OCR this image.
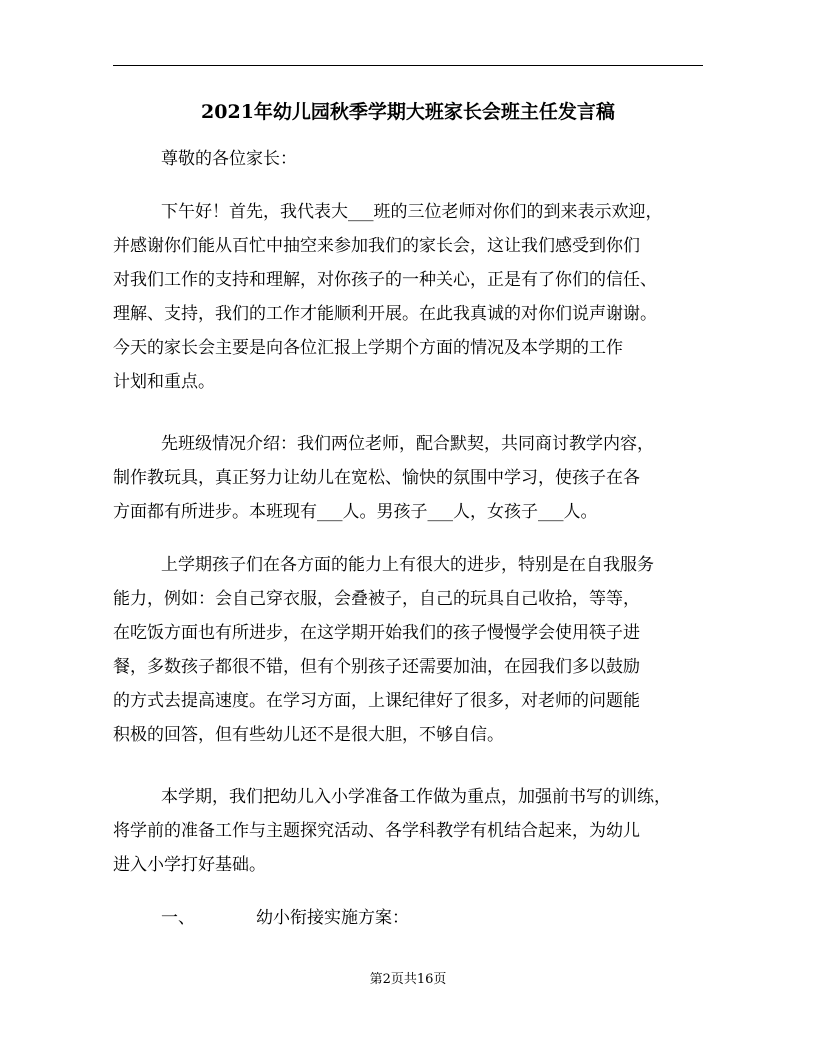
2021年幼儿园秋季学期大班家长会班主任发言稿
尊敬的各位家长：
下午好！首先，我代表大___班的三位老师对你们的到来表示欢迎，
并感谢你们能从百忙中抽空来参加我们的家长会，这让我们感受到你们
对我们工作的支持和理解，对你孩子的一种关心，正是有了你们的信任、
理解、支持，我们的工作才能顺利开展。在此我真诚的对你们说声谢谢。
今天的家长会主要是向各位汇报上学期个方面的情况及本学期的工作
计划和重点。
先班级情况介绍：我们两位老师，配合默契，共同商讨教学内容，
制作教玩具，真正努力让幼儿在宽松、愉快的氛围中学习，使孩子在各
方面都有所进步。本班现有___人。男孩子___人，女孩子___人。
上学期孩子们在各方面的能力上有很大的进步，特别是在自我服务
能力，例如：会自己穿衣服，会叠被子，自己的玩具自己收拾，等等，
在吃饭方面也有所进步，在这学期开始我们的孩子慢慢学会使用筷子进
餐，多数孩子都很不错，但有个别孩子还需要加油，在园我们多以鼓励
的方式去提高速度。在学习方面，上课纪律好了很多，对老师的问题能
积极的回答，但有些幼儿还不是很大胆，不够自信。
本学期，我们把幼儿入小学准备工作做为重点，加强前书写的训练，
将学前的准备工作与主题探究活动、各学科教学有机结合起来，为幼儿
进入小学打好基础。
一、	幼小衔接实施方案：
第2页共16页
